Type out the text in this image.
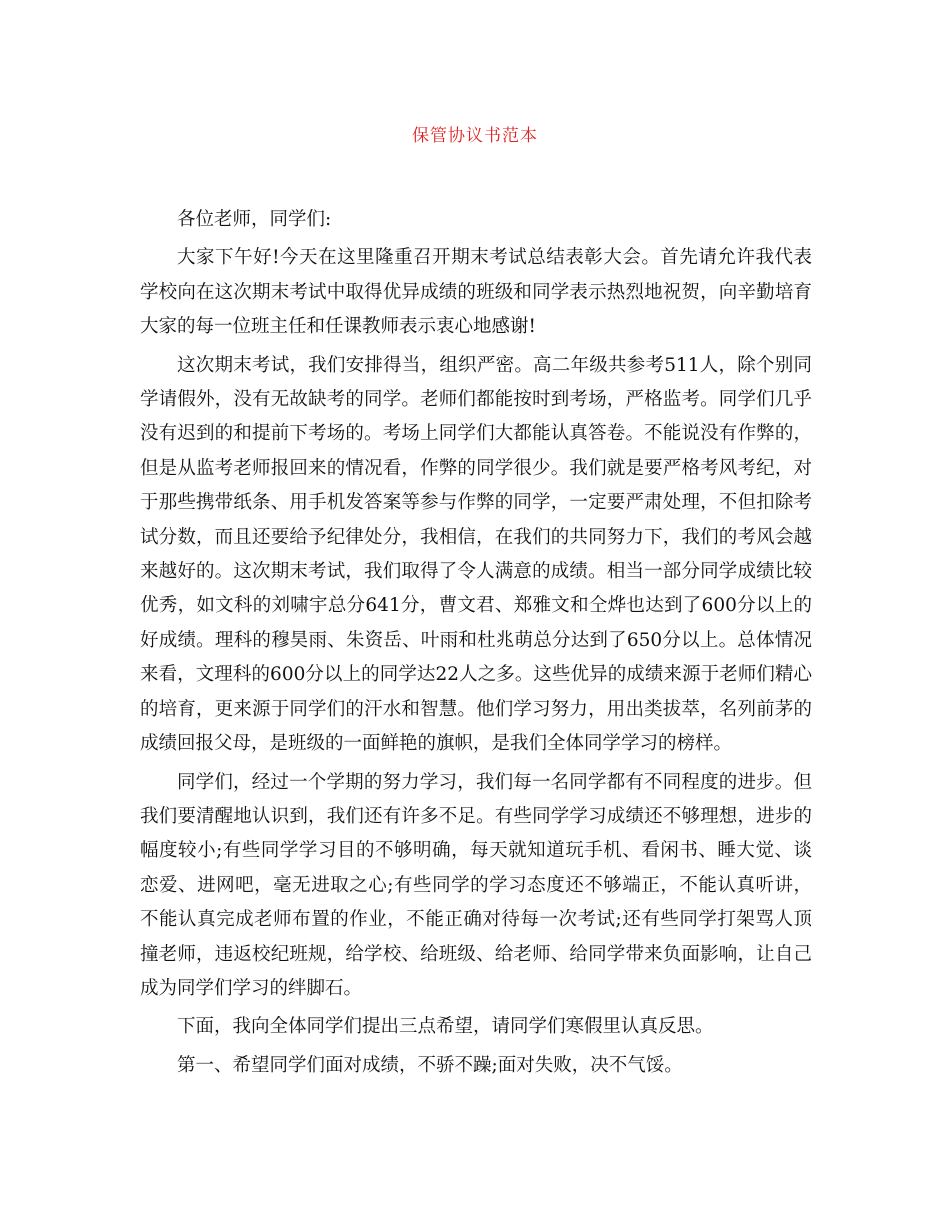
保管协议书范本

各位老师，同学们:

大家下午好!今天在这里隆重召开期末考试总结表彰大会。首先请允许我代表学校向在这次期末考试中取得优异成绩的班级和同学表示热烈地祝贺，向辛勤培育大家的每一位班主任和任课教师表示衷心地感谢!

这次期末考试，我们安排得当，组织严密。高二年级共参考511人，除个别同学请假外，没有无故缺考的同学。老师们都能按时到考场，严格监考。同学们几乎没有迟到的和提前下考场的。考场上同学们大都能认真答卷。不能说没有作弊的，但是从监考老师报回来的情况看，作弊的同学很少。我们就是要严格考风考纪，对于那些携带纸条、用手机发答案等参与作弊的同学，一定要严肃处理，不但扣除考试分数，而且还要给予纪律处分，我相信，在我们的共同努力下，我们的考风会越来越好的。这次期末考试，我们取得了令人满意的成绩。相当一部分同学成绩比较优秀，如文科的刘啸宇总分641分，曹文君、郑雅文和仝烨也达到了600分以上的好成绩。理科的穆昊雨、朱资岳、叶雨和杜兆萌总分达到了650分以上。总体情况来看，文理科的600分以上的同学达22人之多。这些优异的成绩来源于老师们精心的培育，更来源于同学们的汗水和智慧。他们学习努力，用出类拔萃，名列前茅的成绩回报父母，是班级的一面鲜艳的旗帜，是我们全体同学学习的榜样。

同学们，经过一个学期的努力学习，我们每一名同学都有不同程度的进步。但我们要清醒地认识到，我们还有许多不足。有些同学学习成绩还不够理想，进步的幅度较小;有些同学学习目的不够明确，每天就知道玩手机、看闲书、睡大觉、谈恋爱、进网吧，毫无进取之心;有些同学的学习态度还不够端正，不能认真听讲，不能认真完成老师布置的作业，不能正确对待每一次考试;还有些同学打架骂人顶撞老师，违返校纪班规，给学校、给班级、给老师、给同学带来负面影响，让自己成为同学们学习的绊脚石。

下面，我向全体同学们提出三点希望，请同学们寒假里认真反思。

第一、希望同学们面对成绩，不骄不躁;面对失败，决不气馁。
